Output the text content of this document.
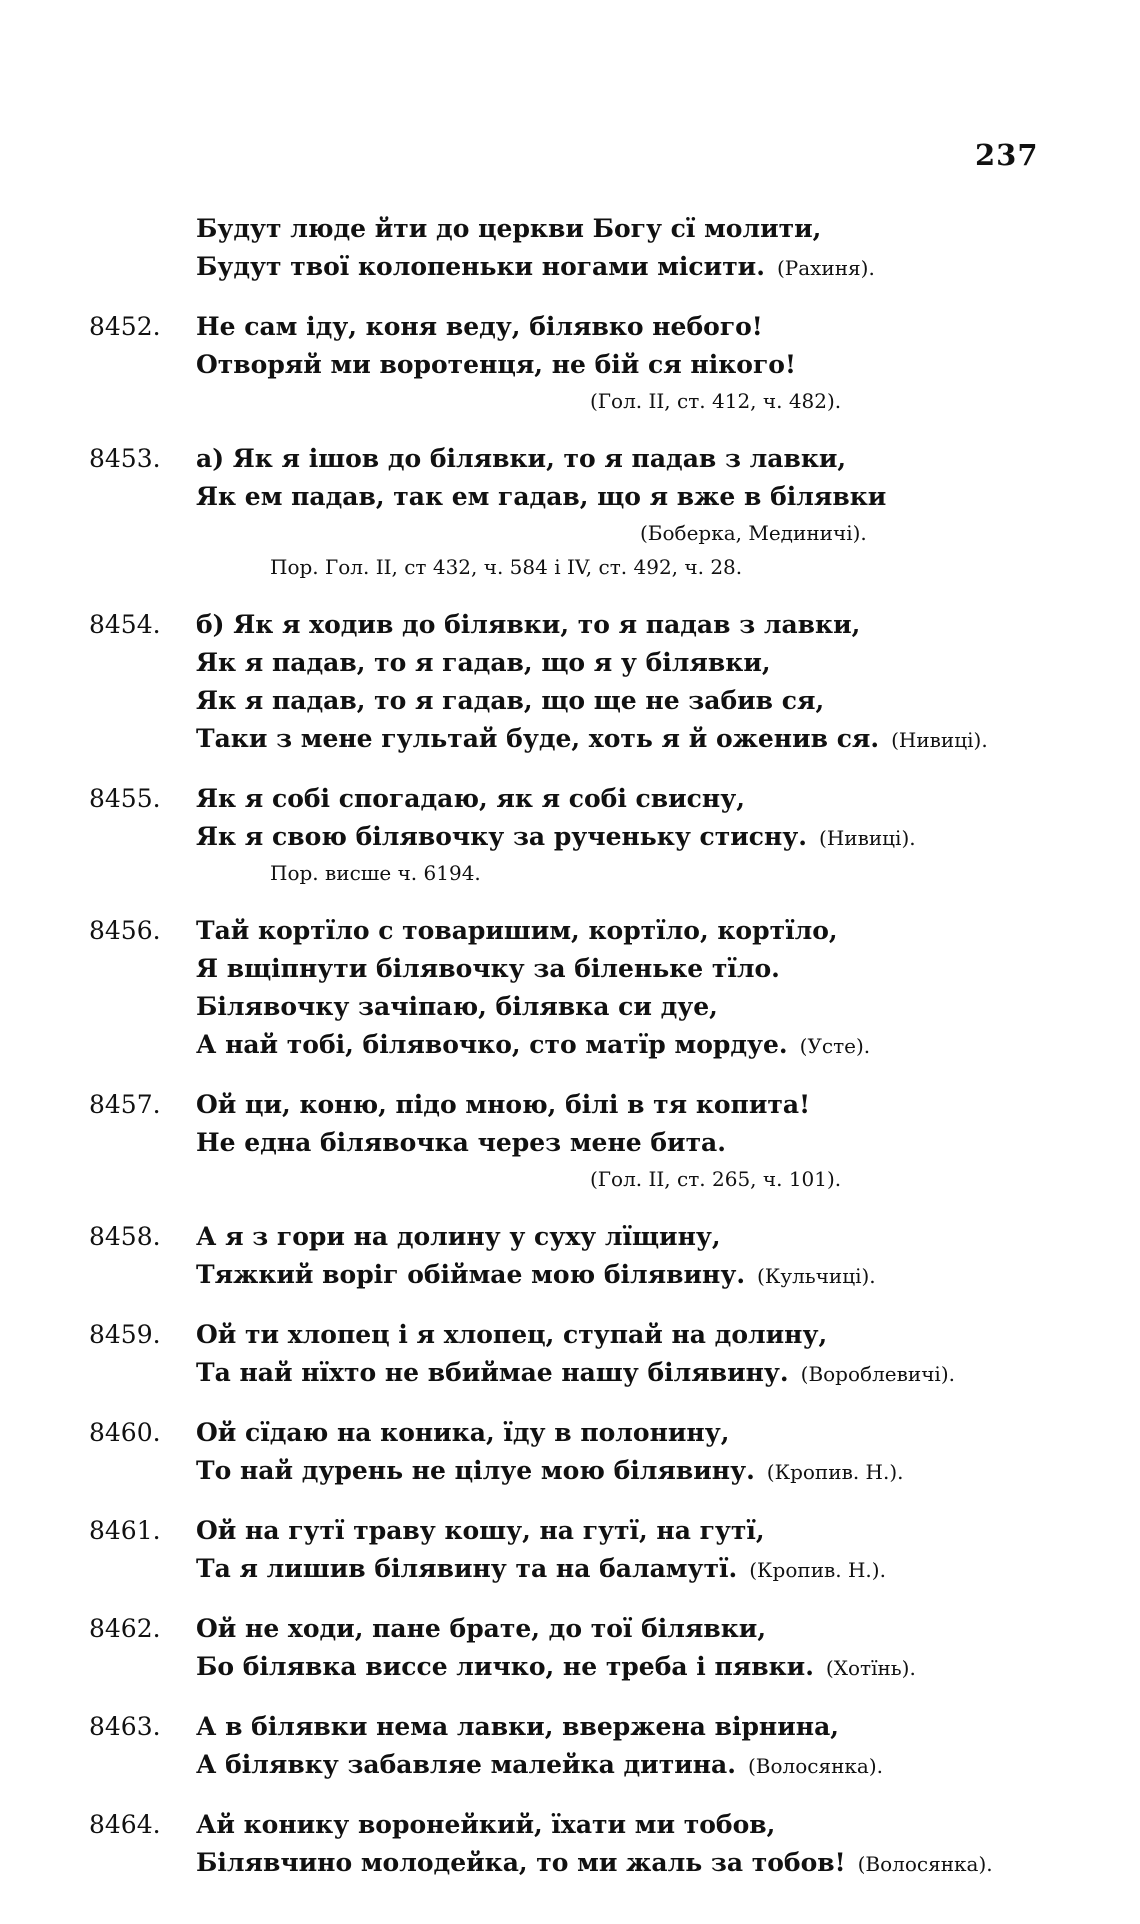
237
Будут люде йти до церкви Богу сї молити,
Будут твої колопеньки ногами місити. (Рахиня).
8452.	Не сам іду, коня веду, білявко небого!
Отворяй ми воротенця, не бій ся нікого!
(Гол. II, ст. 412, ч. 482).
8453.	а) Як я ішов до білявки, то я падав з лавки,
Як ем падав, так ем гадав, що я вже в білявки
(Боберка, Мединичі).
Пор. Гол. II, ст 432, ч. 584 і IV, ст. 492, ч. 28.
8454.	б) Як я ходив до білявки, то я падав з лавки,
Як я падав, то я гадав, що я у білявки,
Як я падав, то я гадав, що ще не забив ся,
Таки з мене гультай буде, хоть я й оженив ся. (Нивиці).
8455.	Як я собі спогадаю, як я собі свисну,
Як я свою білявочку за рученьку стисну. (Нивиці).
Пор. висше ч. 6194.
8456.	Тай кортїло с товаришим, кортїло, кортїло,
Я вщіпнути білявочку за біленьке тїло.
Білявочку зачіпаю, білявка си дуе,
А най тобі, білявочко, сто матїр мордуе. (Усте).
8457.	Ой ци, коню, підо мною, білі в тя копита!
Не една білявочка через мене бита.
(Гол. II, ст. 265, ч. 101).
8458.	А я з гори на долину у суху лїщину,
Тяжкий воріг обіймае мою білявину. (Кульчиці).
8459.	Ой ти хлопец і я хлопец, ступай на долину,
Та най нїхто не вбиймае нашу білявину. (Вороблевичі).
8460.	Ой сїдаю на коника, їду в полонину,
То най дурень не цілуе мою білявину. (Кропив. Н.).
8461.	Ой на гутї траву кошу, на гутї, на гутї,
Та я лишив білявину та на баламутї. (Кропив. Н.).
8462.	Ой не ходи, пане брате, до тої білявки,
Бо білявка виссе личко, не треба і пявки. (Хотїнь).
8463.	А в білявки нема лавки, вверженa вірнина,
А білявку забавляе малейка дитина. (Волосянка).
8464.	Ай конику воронейкий, їхати ми тобов,
Білявчино молодейка, то ми жаль за тобов! (Волосянка).
